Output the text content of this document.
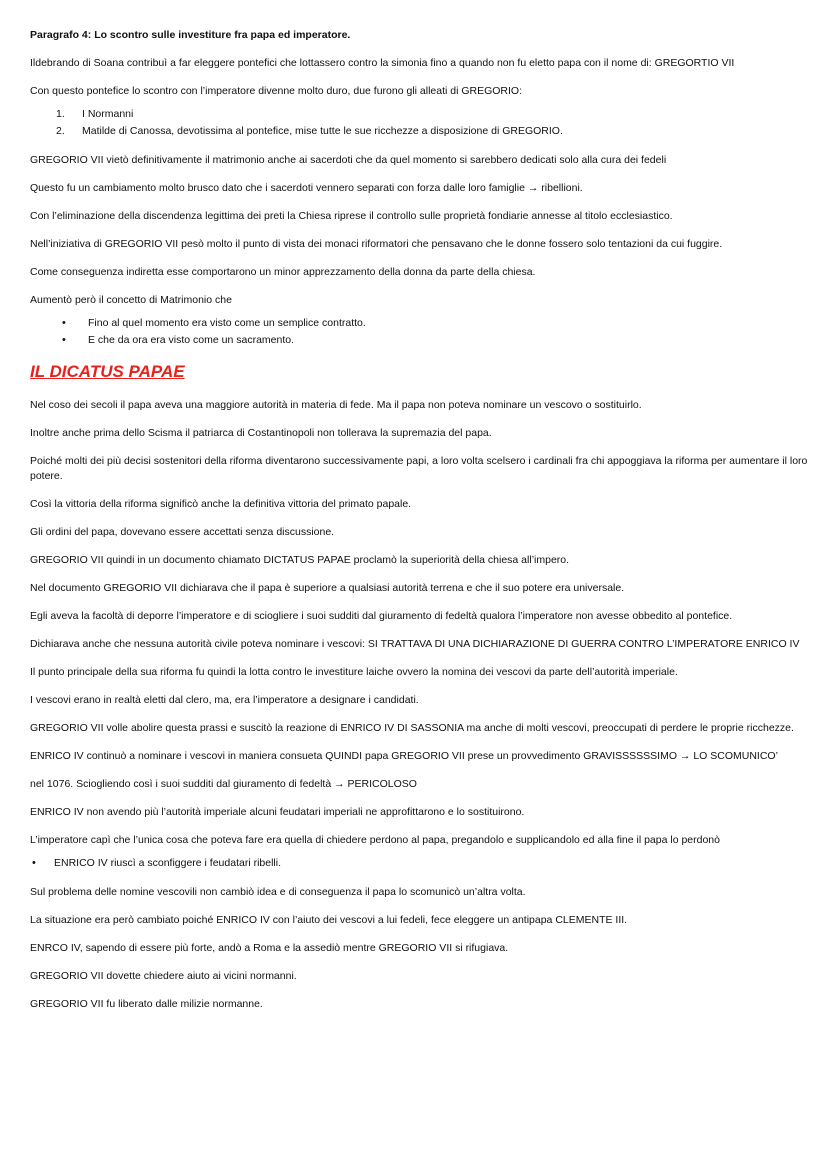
Paragrafo 4: Lo scontro sulle investiture fra papa ed imperatore.

Ildebrando di Soana contribuì a far eleggere pontefici che lottassero contro la simonia fino a quando non fu eletto papa con il nome di: GREGORTIO VII

Con questo pontefice lo scontro con l’imperatore divenne molto duro, due furono gli alleati di GREGORIO:

1. I Normanni
2. Matilde di Canossa, devotissima al pontefice, mise tutte le sue ricchezze a disposizione di GREGORIO.

GREGORIO VII vietò definitivamente il matrimonio anche ai sacerdoti che da quel momento si sarebbero dedicati solo alla cura dei fedeli

Questo fu un cambiamento molto brusco dato che i sacerdoti vennero separati con forza dalle loro famiglie → ribellioni.

Con l’eliminazione della discendenza legittima dei preti la Chiesa riprese il controllo sulle proprietà fondiarie annesse al titolo ecclesiastico.

Nell’iniziativa di GREGORIO VII pesò molto il punto di vista dei monaci riformatori che pensavano che le donne fossero solo tentazioni da cui fuggire.

Come conseguenza indiretta esse comportarono un minor apprezzamento della donna da parte della chiesa.

Aumentò però il concetto di Matrimonio che

• Fino al quel momento era visto come un semplice contratto.
• E che da ora era visto come un sacramento.
IL DICATUS PAPAE

Nel coso dei secoli il papa aveva una maggiore autorità in materia di fede. Ma il papa non poteva nominare un vescovo o sostituirlo.

Inoltre anche prima dello Scisma il patriarca di Costantinopoli non tollerava la supremazia del papa.

Poiché molti dei più decisi sostenitori della riforma diventarono successivamente papi, a loro volta scelsero i cardinali fra chi appoggiava la riforma per aumentare il loro potere.

Così la vittoria della riforma significò anche la definitiva vittoria del primato papale.

Gli ordini del papa, dovevano essere accettati senza discussione.

GREGORIO VII quindi in un documento chiamato DICTATUS PAPAE proclamò la superiorità della chiesa all’impero.

Nel documento GREGORIO VII dichiarava che il papa è superiore a qualsiasi autorità terrena e che il suo potere era universale.

Egli aveva la facoltà di deporre l’imperatore e di sciogliere i suoi sudditi dal giuramento di fedeltà qualora l’imperatore non avesse obbedito al pontefice.

Dichiarava anche che nessuna autorità civile poteva nominare i vescovi: SI TRATTAVA DI UNA DICHIARAZIONE DI GUERRA CONTRO L’IMPERATORE ENRICO IV

Il punto principale della sua riforma fu quindi la lotta contro le investiture laiche ovvero la nomina dei vescovi da parte dell’autorità imperiale.

I vescovi erano in realtà eletti dal clero, ma, era l’imperatore a designare i candidati.

GREGORIO VII volle abolire questa prassi e suscitò la reazione di ENRICO IV DI SASSONIA ma anche di molti vescovi, preoccupati di perdere le proprie ricchezze.

ENRICO IV continuò a nominare i vescovi in maniera consueta QUINDI papa GREGORIO VII prese un provvedimento GRAVISSSSSSIMO → LO SCOMUNICO’

nel 1076. Sciogliendo così i suoi sudditi dal giuramento di fedeltà → PERICOLOSO

ENRICO IV non avendo più l’autorità imperiale alcuni feudatari imperiali ne approfittarono e lo sostituirono.

L’imperatore capì che l’unica cosa che poteva fare era quella di chiedere perdono al papa, pregandolo e supplicandolo ed alla fine il papa lo perdonò

• ENRICO IV riuscì a sconfiggere i feudatari ribelli.

Sul problema delle nomine vescovili non cambiò idea e di conseguenza il papa lo scomunicò un’altra volta.

La situazione era però cambiato poiché ENRICO IV con l’aiuto dei vescovi a lui fedeli, fece eleggere un antipapa CLEMENTE III.

ENRCO IV, sapendo di essere più forte, andò a Roma e la assediò mentre GREGORIO VII si rifugiava.

GREGORIO VII dovette chiedere aiuto ai vicini normanni.

GREGORIO VII fu liberato dalle milizie normanne.
